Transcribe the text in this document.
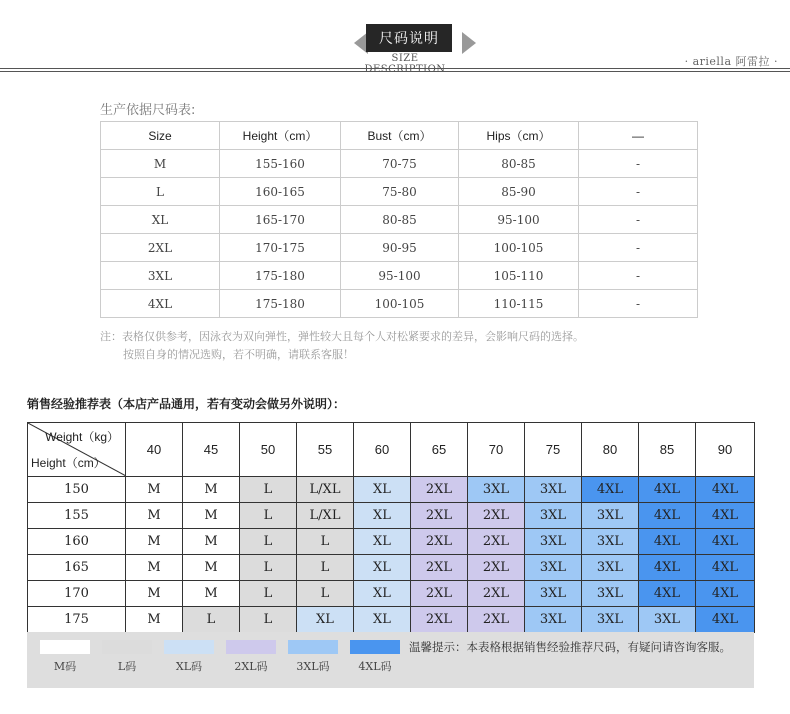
尺码说明
SIZE DESCRIPTION
· ariella 阿雷拉 ·
生产依据尺码表:
Size	Height（cm）	Bust（cm）	Hips（cm）	—
M	155-160	70-75	80-85	-
L	160-165	75-80	85-90	-
XL	165-170	80-85	95-100	-
2XL	170-175	90-95	100-105	-
3XL	175-180	95-100	105-110	-
4XL	175-180	100-105	110-115	-
注：表格仅供参考，因泳衣为双向弹性，弹性较大且每个人对松紧要求的差异，会影响尺码的选择。
按照自身的情况选购，若不明确，请联系客服！
销售经验推荐表（本店产品通用，若有变动会做另外说明）：
Weight（kg）
Height（cm）	40	45	50	55	60	65	70	75	80	85	90
150	M	M	L	L/XL	XL	2XL	3XL	3XL	4XL	4XL	4XL
155	M	M	L	L/XL	XL	2XL	2XL	3XL	3XL	4XL	4XL
160	M	M	L	L	XL	2XL	2XL	3XL	3XL	4XL	4XL
165	M	M	L	L	XL	2XL	2XL	3XL	3XL	4XL	4XL
170	M	M	L	L	XL	2XL	2XL	3XL	3XL	4XL	4XL
175	M	L	L	XL	XL	2XL	2XL	3XL	3XL	3XL	4XL
温馨提示：本表格根据销售经验推荐尺码，有疑问请咨询客服。
M码	L码	XL码	2XL码	3XL码	4XL码
